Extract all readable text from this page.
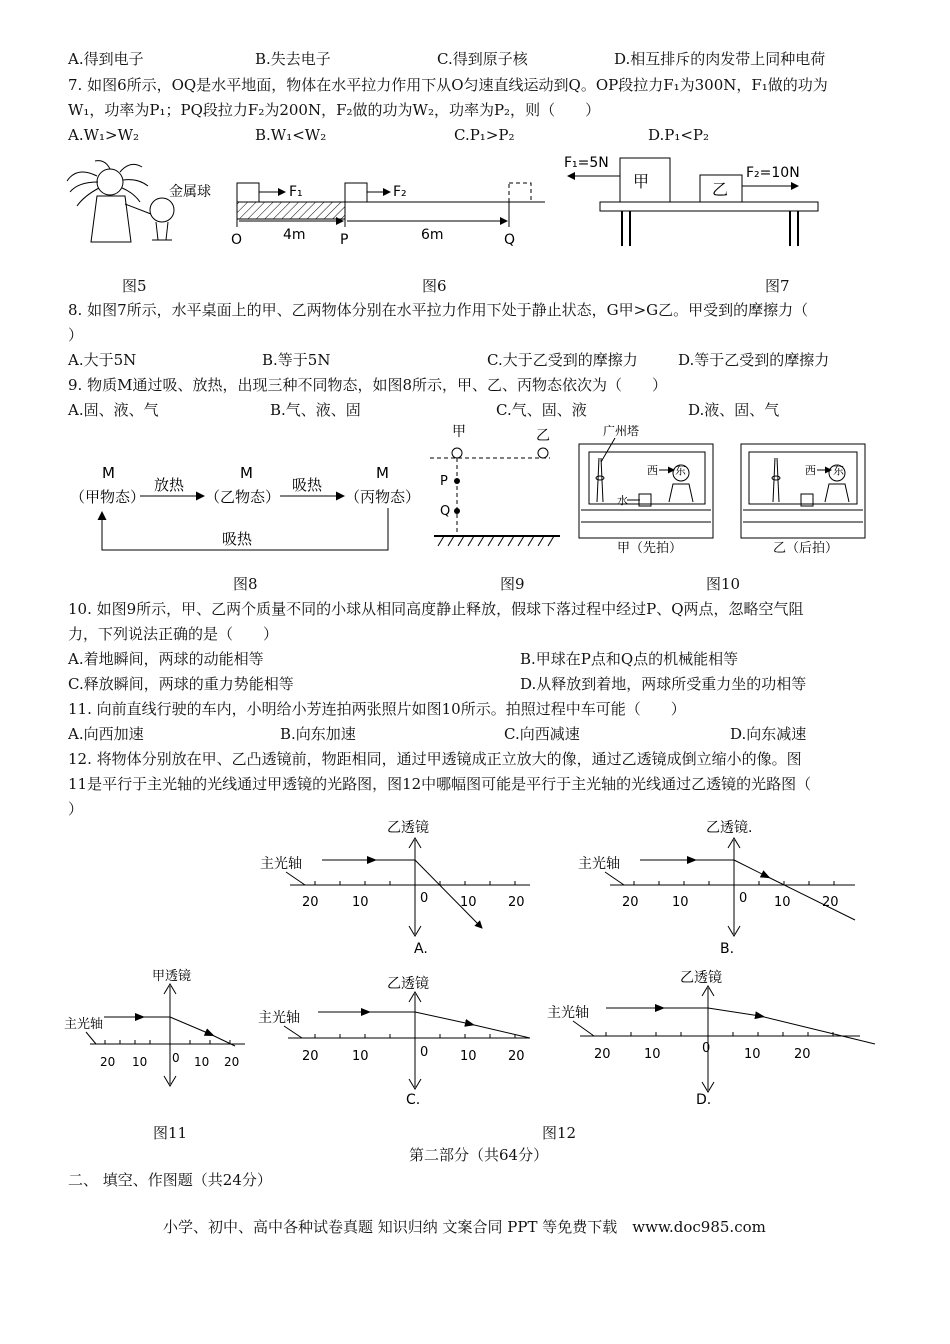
A.得到电子	B.失去电子	C.得到原子核	D.相互排斥的肉发带上同种电荷
7. 如图6所示，OQ是水平地面，物体在水平拉力作用下从O匀速直线运动到Q。OP段拉力F₁为300N，F₁做的功为
W₁，功率为P₁；PQ段拉力F₂为200N，F₂做的功为W₂，功率为P₂，则（　　）
A.W₁>W₂	B.W₁<W₂	C.P₁>P₂	D.P₁<P₂
金属球	F₁	F₂
O	4m P	6m	Q
甲	乙
F₁=5N
F₂=10N
图5	图6	图7
8. 如图7所示，水平桌面上的甲、乙两物体分别在水平拉力作用下处于静止状态，G甲>G乙。甲受到的摩擦力（
）
A.大于5N	B.等于5N	C.大于乙受到的摩擦力	D.等于乙受到的摩擦力
9. 物质M通过吸、放热，出现三种不同物态，如图8所示，甲、乙、丙物态依次为（　　）
A.固、液、气	B.气、液、固	C.气、固、液	D.液、固、气
M
（甲物态）
M
（乙物态）
M
（丙物态）
放热	吸热
吸热
甲	乙
P
Q
广州塔
西 东
水
甲（先拍）
西 东
乙（后拍）
图8	图9	图10
10. 如图9所示，甲、乙两个质量不同的小球从相同高度静止释放，假球下落过程中经过P、Q两点，忽略空气阻
力，下列说法正确的是（　　）
A.着地瞬间，两球的动能相等	B.甲球在P点和Q点的机械能相等
C.释放瞬间，两球的重力势能相等	D.从释放到着地，两球所受重力坐的功相等
11. 向前直线行驶的车内，小明给小芳连拍两张照片如图10所示。拍照过程中车可能（　　）
A.向西加速	B.向东加速	C.向西减速	D.向东减速
12. 将物体分别放在甲、乙凸透镜前，物距相同，通过甲透镜成正立放大的像，通过乙透镜成倒立缩小的像。图
11是平行于主光轴的光线通过甲透镜的光路图，图12中哪幅图可能是平行于主光轴的光线通过乙透镜的光路图（
）
乙透镜
主光轴
20	10	0 10 20
A.
乙透镜.
主光轴
20	10	0 10 20
B.
甲透镜
主光轴
20 10 0 10 20
乙透镜
主光轴
20	10	0 10 20
C.
乙透镜
主光轴
20	10	0	10	20
D.
图11	图12
第二部分（共64分）
二、 填空、作图题（共24分）
小学、初中、高中各种试卷真题 知识归纳 文案合同 PPT 等免费下载　www.doc985.com
